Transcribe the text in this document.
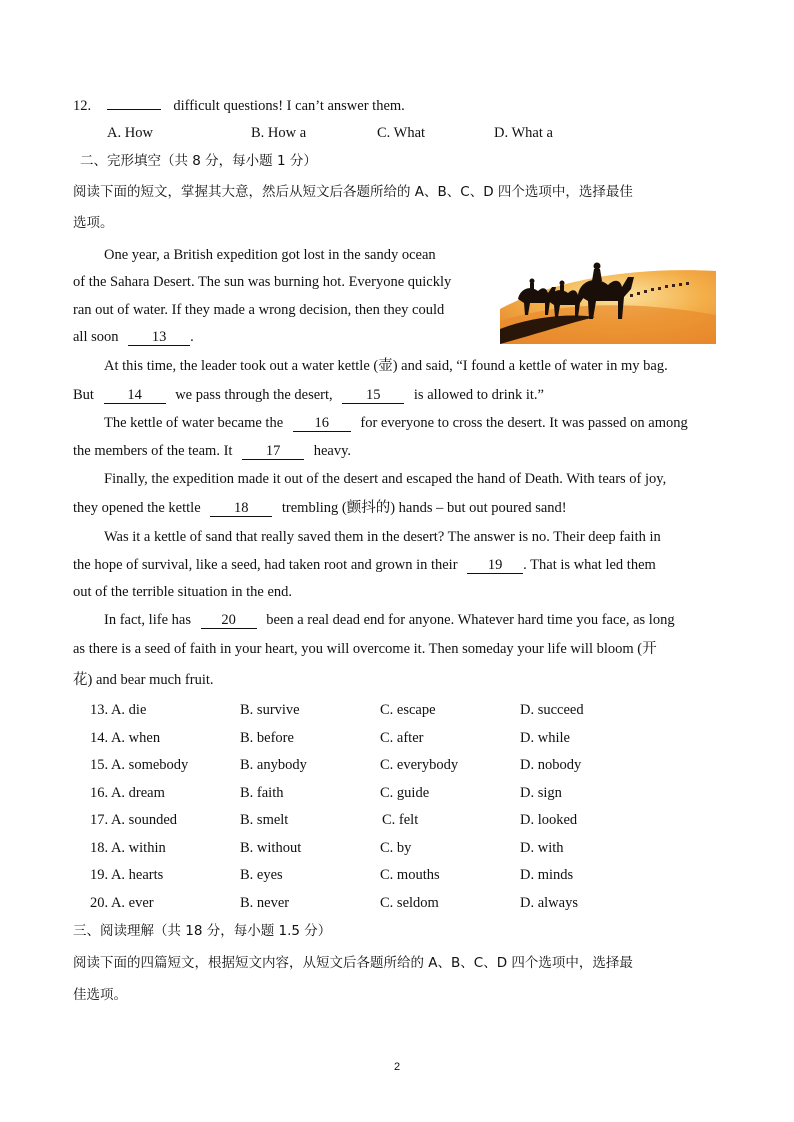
12.	difficult questions! I can’t answer them.
A. How	B. How a	C. What	D. What a
二、完形填空（共 8 分，每小题 1 分）
阅读下面的短文，掌握其大意，然后从短文后各题所给的 A、B、C、D 四个选项中，选择最佳
选项。
One year, a British expedition got lost in the sandy ocean
of the Sahara Desert. The sun was burning hot. Everyone quickly
ran out of water. If they made a wrong decision, then they could
all soon 13 .
At this time, the leader took out a water kettle (壶) and said, “I found a kettle of water in my bag.
But 14 we pass through the desert, 15 is allowed to drink it.”
The kettle of water became the 16 for everyone to cross the desert. It was passed on among
the members of the team. It 17 heavy.
Finally, the expedition made it out of the desert and escaped the hand of Death. With tears of joy,
they opened the kettle 18 trembling (颤抖的) hands – but out poured sand!
Was it a kettle of sand that really saved them in the desert? The answer is no. Their deep faith in
the hope of survival, like a seed, had taken root and grown in their 19 . That is what led them
out of the terrible situation in the end.
In fact, life has 20 been a real dead end for anyone. Whatever hard time you face, as long
as there is a seed of faith in your heart, you will overcome it. Then someday your life will bloom (开
花) and bear much fruit.
13. A. die	B. survive	C. escape	D. succeed
14. A. when	B. before	C. after	D. while
15. A. somebody	B. anybody	C. everybody	D. nobody
16. A. dream	B. faith	C. guide	D. sign
17. A. sounded	B. smelt	C. felt	D. looked
18. A. within	B. without	C. by	D. with
19. A. hearts	B. eyes	C. mouths	D. minds
20. A. ever	B. never	C. seldom	D. always
三、阅读理解（共 18 分，每小题 1.5 分）
阅读下面的四篇短文，根据短文内容，从短文后各题所给的 A、B、C、D 四个选项中，选择最
佳选项。
2
